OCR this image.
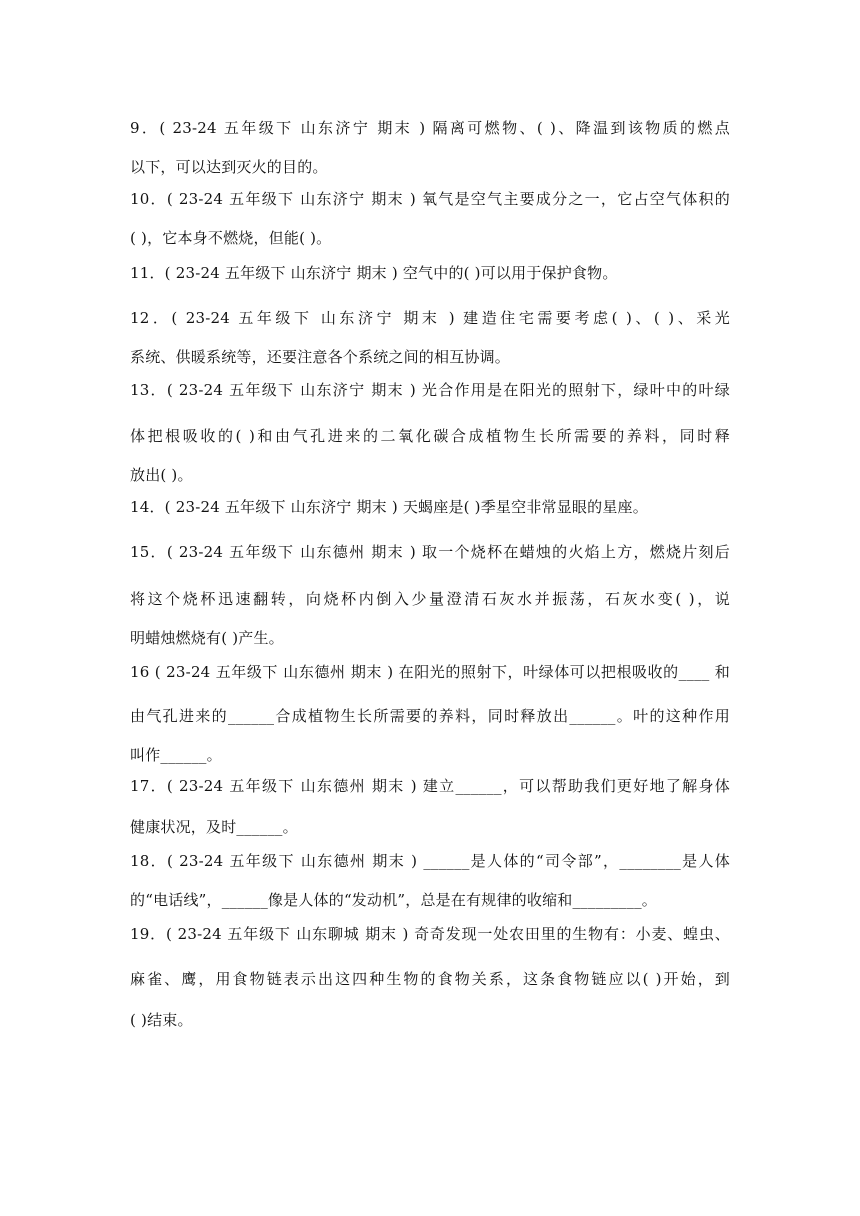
9．( 23-24 五年级下 山东济宁 期末 ) 隔离可燃物、( )、降温到该物质的燃点
以下，可以达到灭火的目的。
10．( 23-24 五年级下 山东济宁 期末 ) 氧气是空气主要成分之一，它占空气体积的
( )，它本身不燃烧，但能( )。
11．( 23-24 五年级下 山东济宁 期末 ) 空气中的( )可以用于保护食物。
12．( 23-24 五年级下 山东济宁 期末 ) 建造住宅需要考虑( )、( )、采光
系统、供暖系统等，还要注意各个系统之间的相互协调。
13．( 23-24 五年级下 山东济宁 期末 ) 光合作用是在阳光的照射下，绿叶中的叶绿
体把根吸收的( )和由气孔进来的二氧化碳合成植物生长所需要的养料，同时释
放出( )。
14．( 23-24 五年级下 山东济宁 期末 ) 天蝎座是( )季星空非常显眼的星座。
15．( 23-24 五年级下 山东德州 期末 ) 取一个烧杯在蜡烛的火焰上方，燃烧片刻后
将这个烧杯迅速翻转，向烧杯内倒入少量澄清石灰水并振荡，石灰水变( )，说
明蜡烛燃烧有( )产生。
16 ( 23-24 五年级下 山东德州 期末 ) 在阳光的照射下，叶绿体可以把根吸收的____ 和
由气孔进来的______合成植物生长所需要的养料，同时释放出______。叶的这种作用
叫作______。
17．( 23-24 五年级下 山东德州 期末 ) 建立______，可以帮助我们更好地了解身体
健康状况，及时______。
18．( 23-24 五年级下 山东德州 期末 ) ______是人体的“司令部”，________是人体
的“电话线”，______像是人体的“发动机”，总是在有规律的收缩和_________。
19．( 23-24 五年级下 山东聊城 期末 ) 奇奇发现一处农田里的生物有：小麦、蝗虫、
麻雀、鹰，用食物链表示出这四种生物的食物关系，这条食物链应以( )开始，到
( )结束。
